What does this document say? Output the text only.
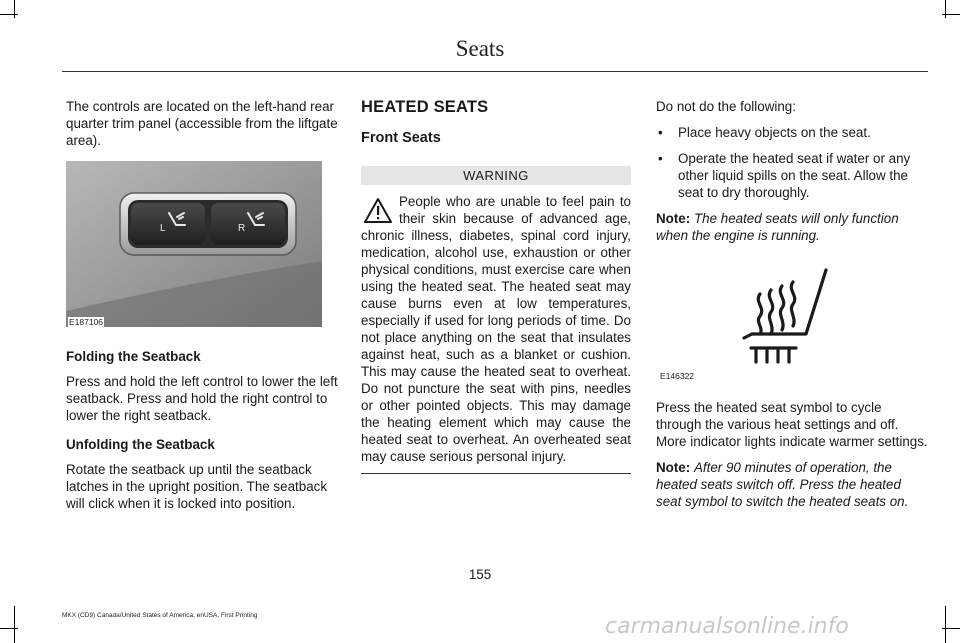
Seats

The controls are located on the left-hand rear quarter trim panel (accessible from the liftgate area).

L	R
E187106

Folding the Seatback

Press and hold the left control to lower the left seatback. Press and hold the right control to lower the right seatback.

Unfolding the Seatback

Rotate the seatback up until the seatback latches in the upright position. The seatback will click when it is locked into position.

HEATED SEATS

Front Seats

WARNING

People who are unable to feel pain to their skin because of advanced age, chronic illness, diabetes, spinal cord injury, medication, alcohol use, exhaustion or other physical conditions, must exercise care when using the heated seat. The heated seat may cause burns even at low temperatures, especially if used for long periods of time. Do not place anything on the seat that insulates against heat, such as a blanket or cushion. This may cause the heated seat to overheat. Do not puncture the seat with pins, needles or other pointed objects. This may damage the heating element which may cause the heated seat to overheat. An overheated seat may cause serious personal injury.

Do not do the following:

• Place heavy objects on the seat.
• Operate the heated seat if water or any other liquid spills on the seat. Allow the seat to dry thoroughly.

Note: The heated seats will only function when the engine is running.

E146322

Press the heated seat symbol to cycle through the various heat settings and off. More indicator lights indicate warmer settings.

Note: After 90 minutes of operation, the heated seats switch off. Press the heated seat symbol to switch the heated seats on.

155
MKX (CD9) Canada/United States of America, enUSA, First Printing	carmanualsonline.info
